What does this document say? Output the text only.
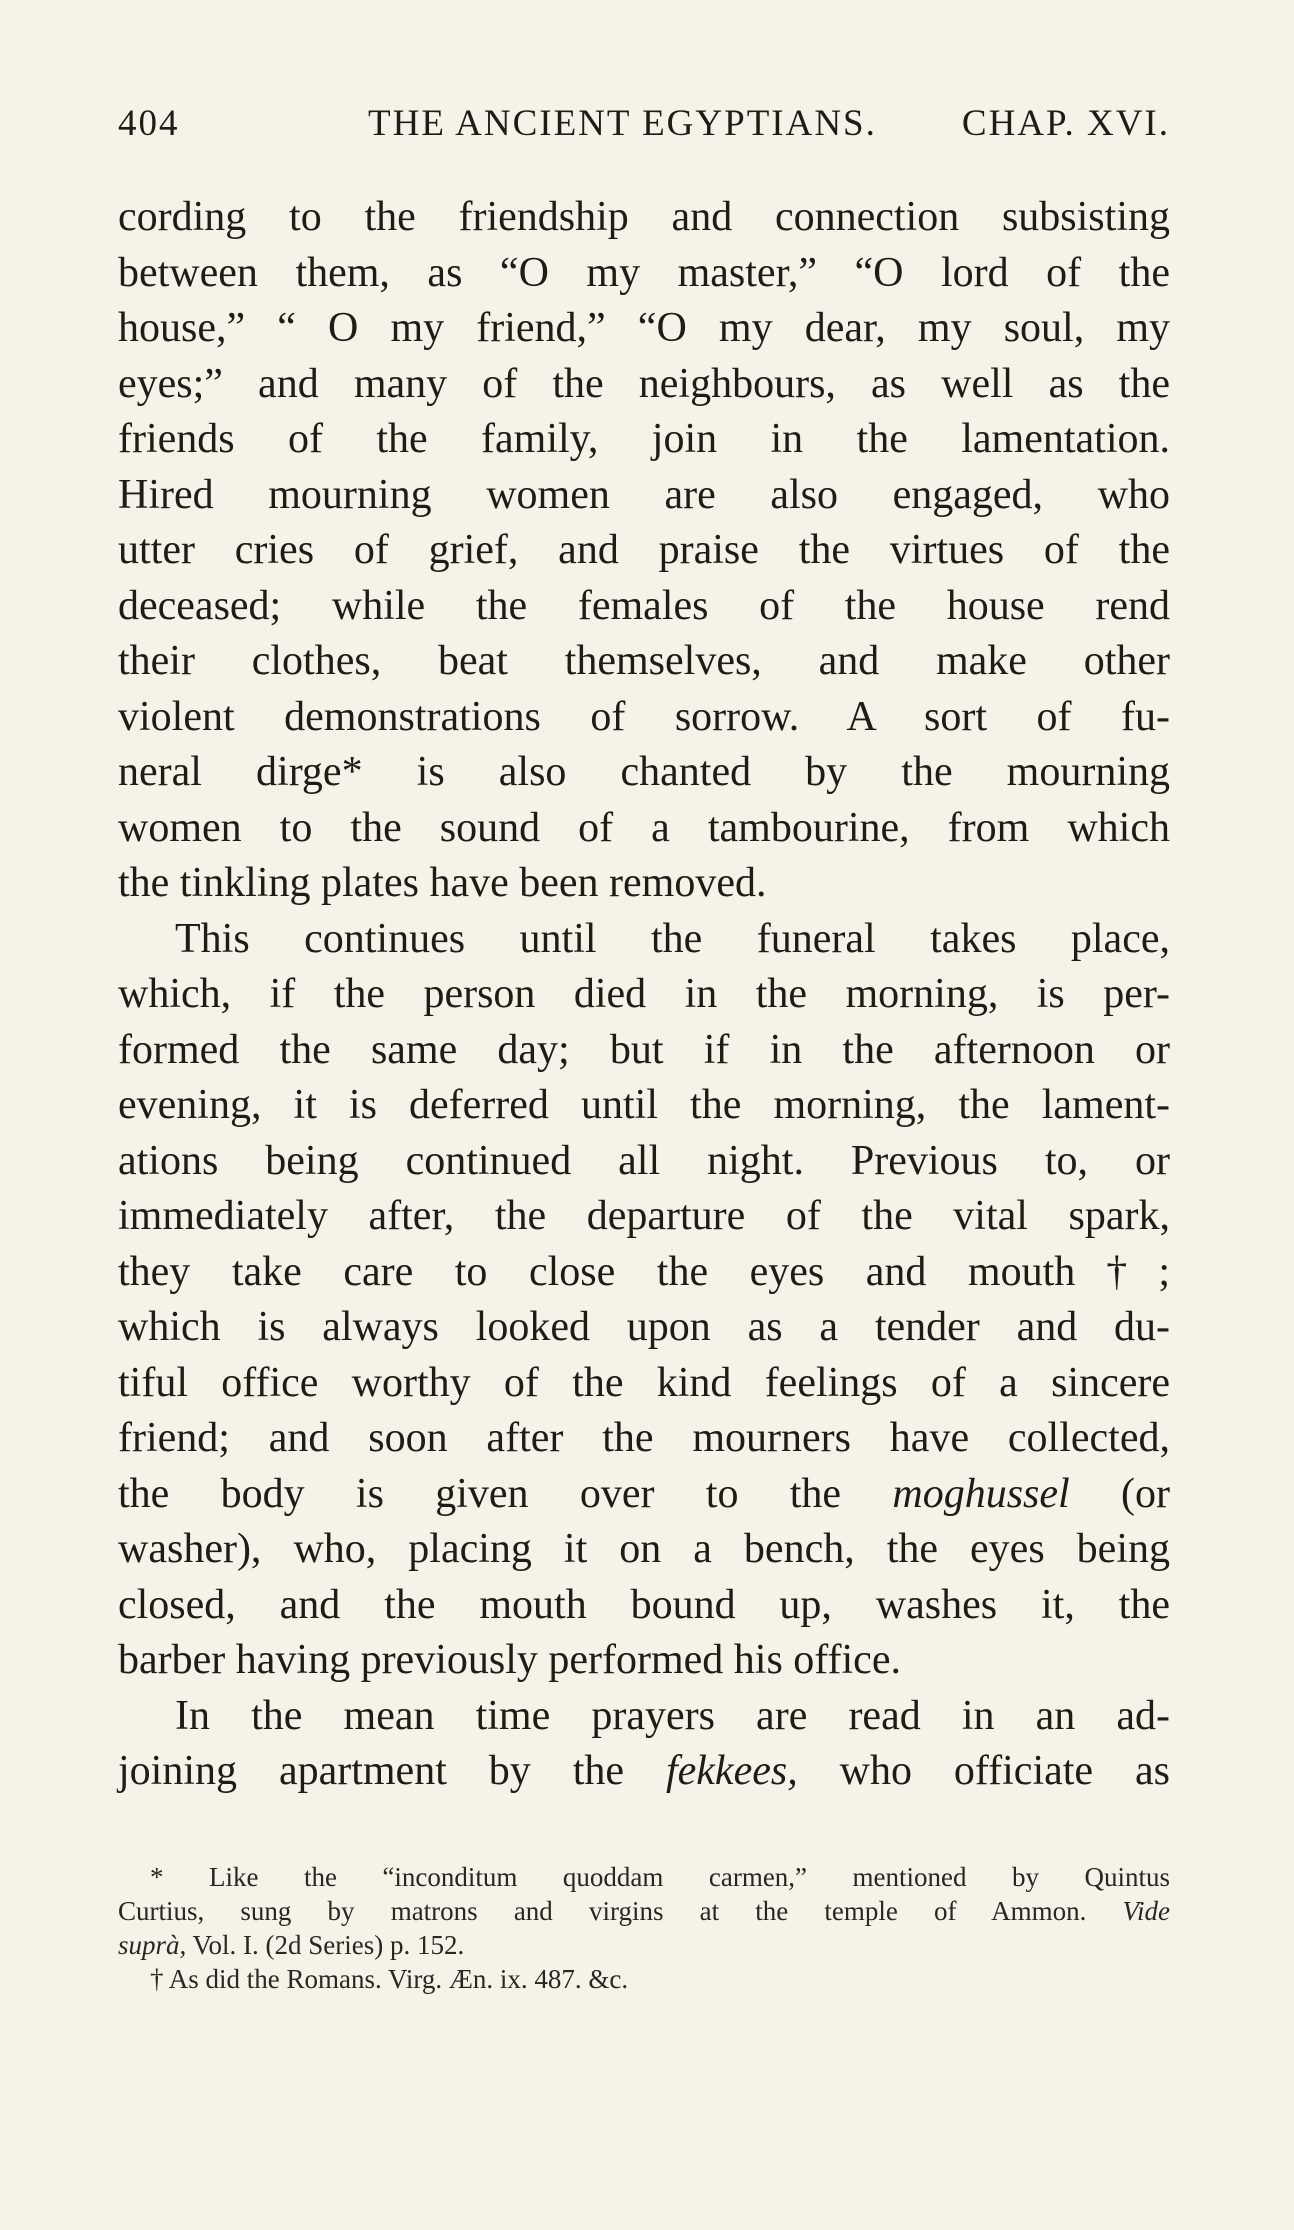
404	THE ANCIENT EGYPTIANS. CHAP. XVI.
cording to the friendship and connection subsisting
between them, as “O my master,” “O lord of the
house,” “ O my friend,” “O my dear, my soul, my
eyes;” and many of the neighbours, as well as the
friends of the family, join in the lamentation.
Hired mourning women are also engaged, who
utter cries of grief, and praise the virtues of the
deceased; while the females of the house rend
their clothes, beat themselves, and make other
violent demonstrations of sorrow. A sort of fu-
neral dirge* is also chanted by the mourning
women to the sound of a tambourine, from which
the tinkling plates have been removed.
This continues until the funeral takes place,
which, if the person died in the morning, is per-
formed the same day; but if in the afternoon or
evening, it is deferred until the morning, the lament-
ations being continued all night. Previous to, or
immediately after, the departure of the vital spark,
they take care to close the eyes and mouth†;
which is always looked upon as a tender and du-
tiful office worthy of the kind feelings of a sincere
friend; and soon after the mourners have collected,
the body is given over to the moghussel (or
washer), who, placing it on a bench, the eyes being
closed, and the mouth bound up, washes it, the
barber having previously performed his office.
In the mean time prayers are read in an ad-
joining apartment by the fekkees, who officiate as
* Like the “inconditum quoddam carmen,” mentioned by Quintus
Curtius, sung by matrons and virgins at the temple of Ammon. Vide
suprà, Vol. I. (2d Series) p. 152.
† As did the Romans. Virg. Æn. ix. 487. &c.
